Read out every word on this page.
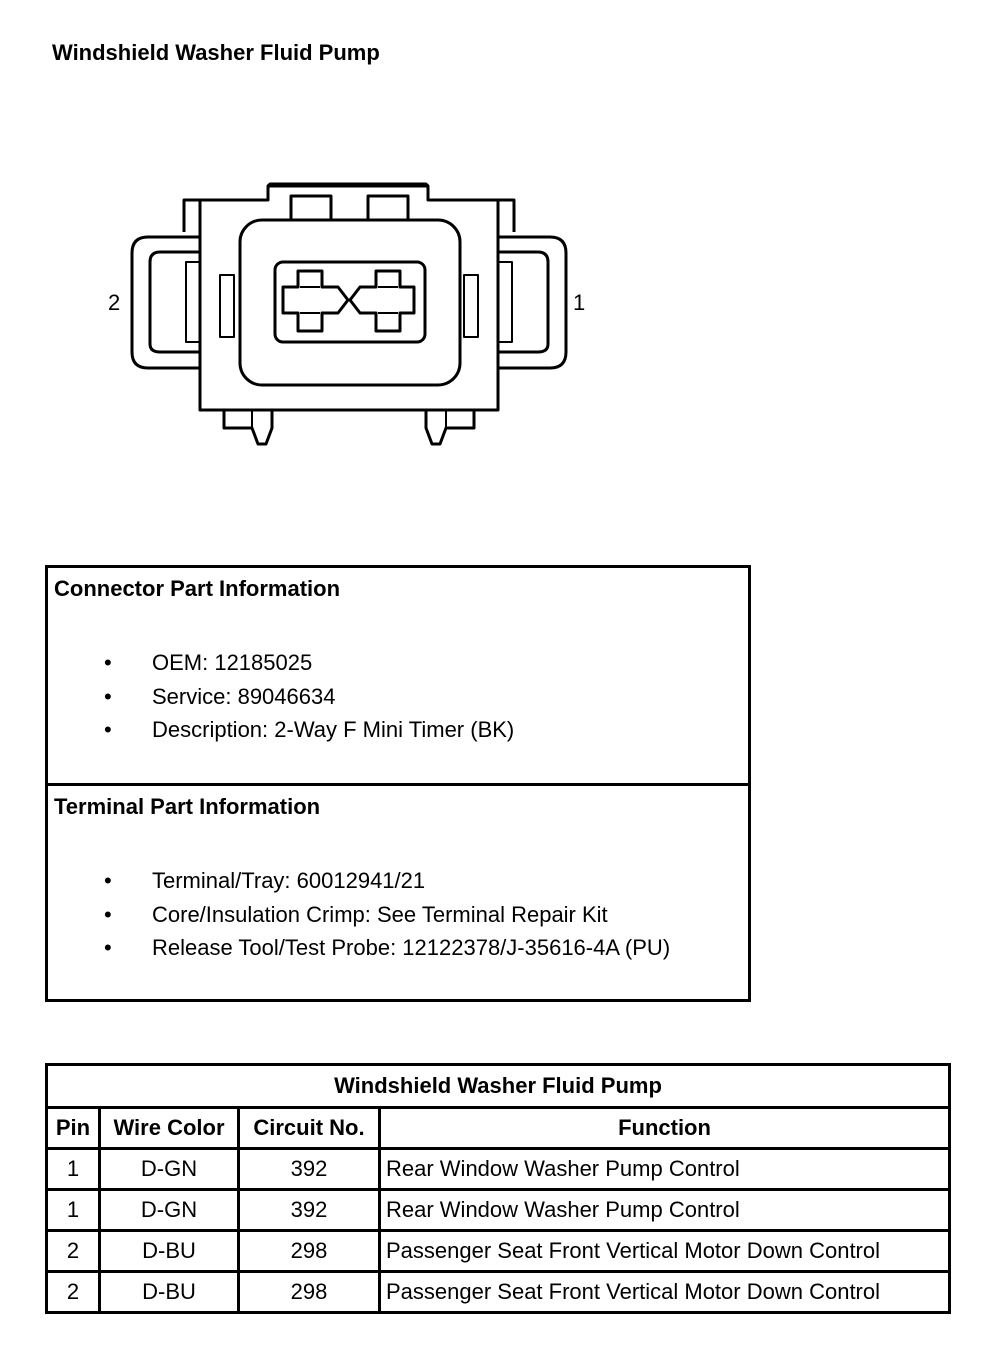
Windshield Washer Fluid Pump
2	1
Connector Part Information
• OEM: 12185025
• Service: 89046634
• Description: 2-Way F Mini Timer (BK)
Terminal Part Information
• Terminal/Tray: 60012941/21
• Core/Insulation Crimp: See Terminal Repair Kit
• Release Tool/Test Probe: 12122378/J-35616-4A (PU)
Windshield Washer Fluid Pump			
Pin	Wire Color	Circuit No.	Function
1	D-GN	392	Rear Window Washer Pump Control
1	D-GN	392	Rear Window Washer Pump Control
2	D-BU	298	Passenger Seat Front Vertical Motor Down Control
2	D-BU	298	Passenger Seat Front Vertical Motor Down Control
